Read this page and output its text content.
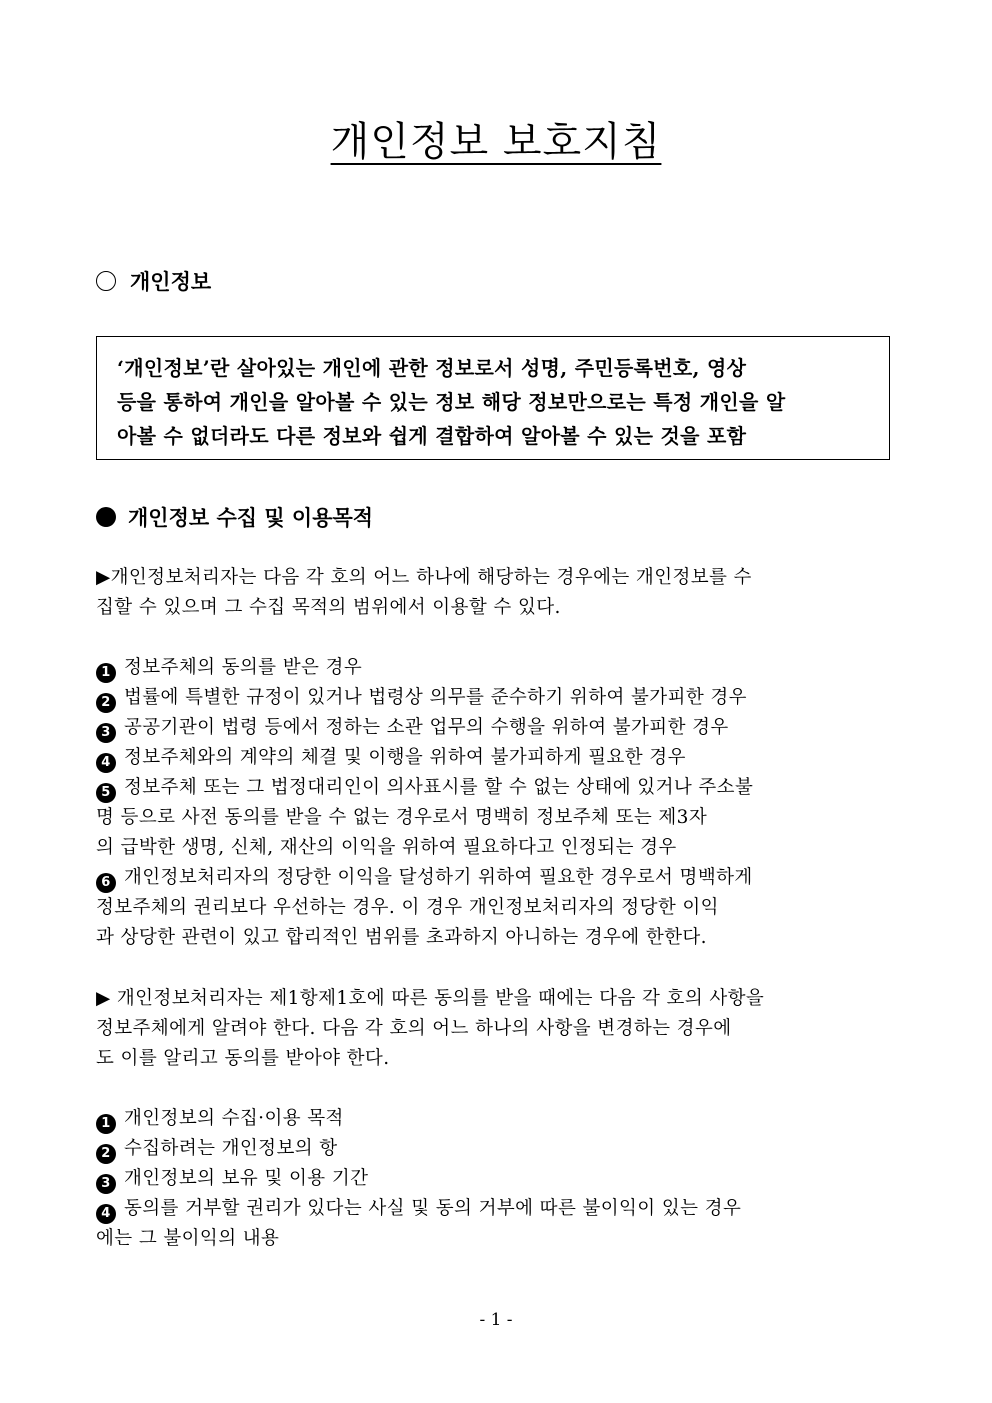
개인정보 보호지침
개인정보
‘개인정보’란 살아있는 개인에 관한 정보로서 성명, 주민등록번호, 영상
등을 통하여 개인을 알아볼 수 있는 정보 해당 정보만으로는 특정 개인을 알
아볼 수 없더라도 다른 정보와 쉽게 결합하여 알아볼 수 있는 것을 포함
개인정보 수집 및 이용목적
▶개인정보처리자는 다음 각 호의 어느 하나에 해당하는 경우에는 개인정보를 수
집할 수 있으며 그 수집 목적의 범위에서 이용할 수 있다.
1 정보주체의 동의를 받은 경우
2 법률에 특별한 규정이 있거나 법령상 의무를 준수하기 위하여 불가피한 경우
3 공공기관이 법령 등에서 정하는 소관 업무의 수행을 위하여 불가피한 경우
4 정보주체와의 계약의 체결 및 이행을 위하여 불가피하게 필요한 경우
5 정보주체 또는 그 법정대리인이 의사표시를 할 수 없는 상태에 있거나 주소불
명 등으로 사전 동의를 받을 수 없는 경우로서 명백히 정보주체 또는 제3자
의 급박한 생명, 신체, 재산의 이익을 위하여 필요하다고 인정되는 경우
6 개인정보처리자의 정당한 이익을 달성하기 위하여 필요한 경우로서 명백하게
정보주체의 권리보다 우선하는 경우. 이 경우 개인정보처리자의 정당한 이익
과 상당한 관련이 있고 합리적인 범위를 초과하지 아니하는 경우에 한한다.
▶ 개인정보처리자는 제1항제1호에 따른 동의를 받을 때에는 다음 각 호의 사항을
정보주체에게 알려야 한다. 다음 각 호의 어느 하나의 사항을 변경하는 경우에
도 이를 알리고 동의를 받아야 한다.
1 개인정보의 수집·이용 목적
2 수집하려는 개인정보의 항
3 개인정보의 보유 및 이용 기간
4 동의를 거부할 권리가 있다는 사실 및 동의 거부에 따른 불이익이 있는 경우
에는 그 불이익의 내용
- 1 -
